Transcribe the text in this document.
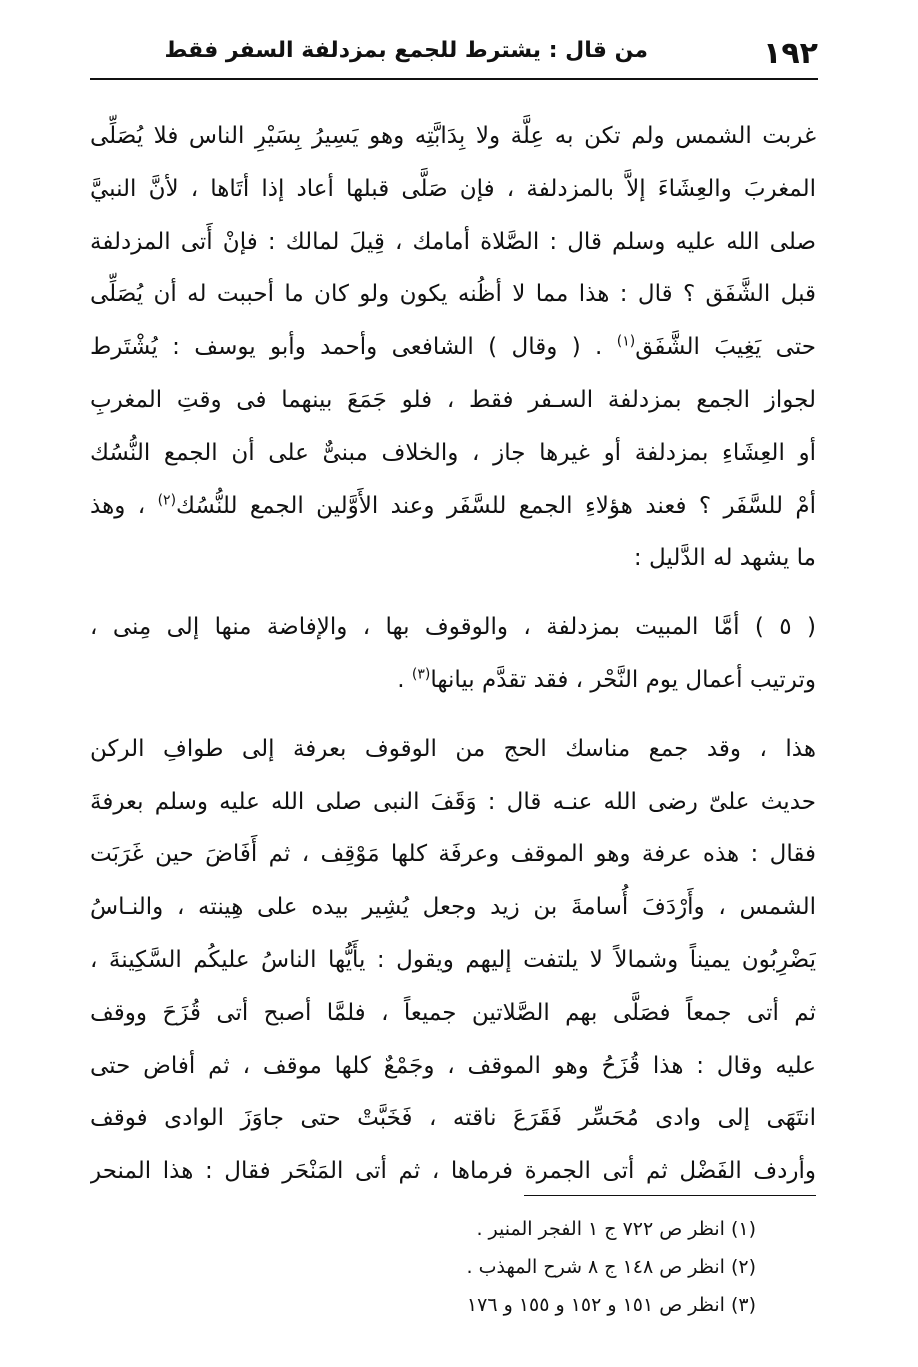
١٩٢
من قال : يشترط للجمع بمزدلفة السفر فقط
غربت الشمس ولم تكن به عِلَّة ولا بِدَابَّتِه وهو يَسِيرُ بِسَيْرِ الناس فلا يُصَلِّى
المغربَ والعِشَاءَ إلاَّ بالمزدلفة ، فإن صَلَّى قبلها أعاد إذا أتَاها ، لأنَّ النبيَّ
صلى الله عليه وسلم قال : الصَّلاة أمامك ، قِيلَ لمالك : فإنْ أَتى المزدلفة
قبل الشَّفَق ؟ قال : هذا مما لا أظُنه يكون ولو كان ما أحببت له أن يُصَلِّى
حتى يَغِيبَ الشَّفَق$^{(١)}$ . ( وقال ) الشافعى وأحمد وأبو يوسف : يُشْتَرط
لجواز الجمع بمزدلفة السـفر فقط ، فلو جَمَعَ بينهما فى وقتِ المغربِ
أو العِشَاءِ بمزدلفة أو غيرها جاز ، والخلاف مبنىٌّ على أن الجمع النُّسُك
أمْ للسَّفَر ؟ فعند هؤلاءِ الجمع للسَّفَر وعند الأَوَّلين الجمع للنُّسُك$^{(٢)}$ ، وهذ
ما يشهد له الدَّليل :
( ٥ ) أمَّا المبيت بمزدلفة ، والوقوف بها ، والإفاضة منها إلى مِنى ،
وترتيب أعمال يوم النَّحْر ، فقد تقدَّم بيانها$^{(٣)}$ .
هذا ، وقد جمع مناسك الحج من الوقوف بعرفة إلى طوافِ الركن
حديث علىّ رضى الله عنـه قال : وَقَفَ النبى صلى الله عليه وسلم بعرفةَ
فقال : هذه عرفة وهو الموقف وعرفَة كلها مَوْقِف ، ثم أَفَاضَ حين غَرَبَت
الشمس ، وأَرْدَفَ أُسامةَ بن زيد وجعل يُشِير بيده على هِينته ، والنـاسُ
يَضْرِبُون يميناً وشمالاً لا يلتفت إليهم ويقول : يأَيُّها الناسُ عليكُم السَّكِينةَ ،
ثم أتى جمعاً فصَلَّى بهم الصَّلاتين جميعاً ، فلمَّا أصبح أتى قُزَحَ ووقف
عليه وقال : هذا قُزَحُ وهو الموقف ، وجَمْعٌ كلها موقف ، ثم أفاض حتى
انتَهَى إلى وادى مُحَسِّر فَقَرَعَ ناقته ، فَخَبَّتْ حتى جاوَزَ الوادى فوقف
وأردف الفَضْل ثم أتى الجمرة فرماها ، ثم أتى المَنْحَر فقال : هذا المنحر
(١) انظر ص ٧٢٢ ج ١ الفجر المنير .
(٢) انظر ص ١٤٨ ج ٨ شرح المهذب .
(٣) انظر ص ١٥١ و ١٥٢ و ١٥٥ و ١٧٦
